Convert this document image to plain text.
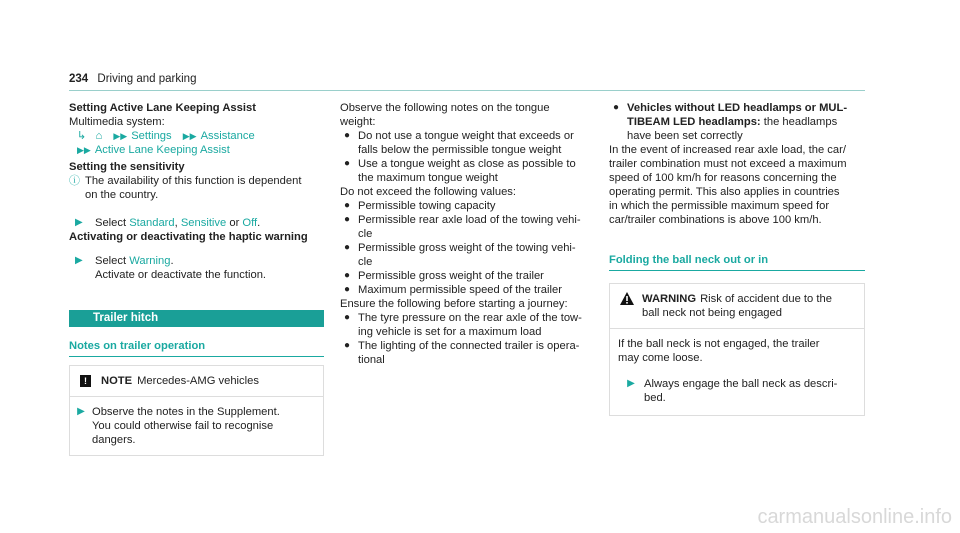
234 Driving and parking
Setting Active Lane Keeping Assist
Multimedia system:
↳ ⌂ ▶▶ Settings ▶▶ Assistance
▶▶ Active Lane Keeping Assist
Setting the sensitivity
ⓘ The availability of this function is dependent
on the country.
▶	Select Standard, Sensitive or Off.
Activating or deactivating the haptic warning
▶	Select Warning.
Activate or deactivate the function.
Trailer hitch
Notes on trailer operation
!	NOTE Mercedes-AMG vehicles
▶ Observe the notes in the Supplement.
You could otherwise fail to recognise
dangers.
Observe the following notes on the tongue
weight:
● Do not use a tongue weight that exceeds or
falls below the permissible tongue weight
● Use a tongue weight as close as possible to
the maximum tongue weight
Do not exceed the following values:
● Permissible towing capacity
● Permissible rear axle load of the towing vehi-
cle
● Permissible gross weight of the towing vehi-
cle
● Permissible gross weight of the trailer
● Maximum permissible speed of the trailer
Ensure the following before starting a journey:
● The tyre pressure on the rear axle of the tow-
ing vehicle is set for a maximum load
● The lighting of the connected trailer is opera-
tional
● Vehicles without LED headlamps or MUL-
TIBEAM LED headlamps: the headlamps
have been set correctly
In the event of increased rear axle load, the car/
trailer combination must not exceed a maximum
speed of 100 km/h for reasons concerning the
operating permit. This also applies in countries
in which the permissible maximum speed for
car/trailer combinations is above 100 km/h.
Folding the ball neck out or in
WARNING Risk of accident due to the
ball neck not being engaged
If the ball neck is not engaged, the trailer
may come loose.
▶ Always engage the ball neck as descri-
bed.
carmanualsonline.info
